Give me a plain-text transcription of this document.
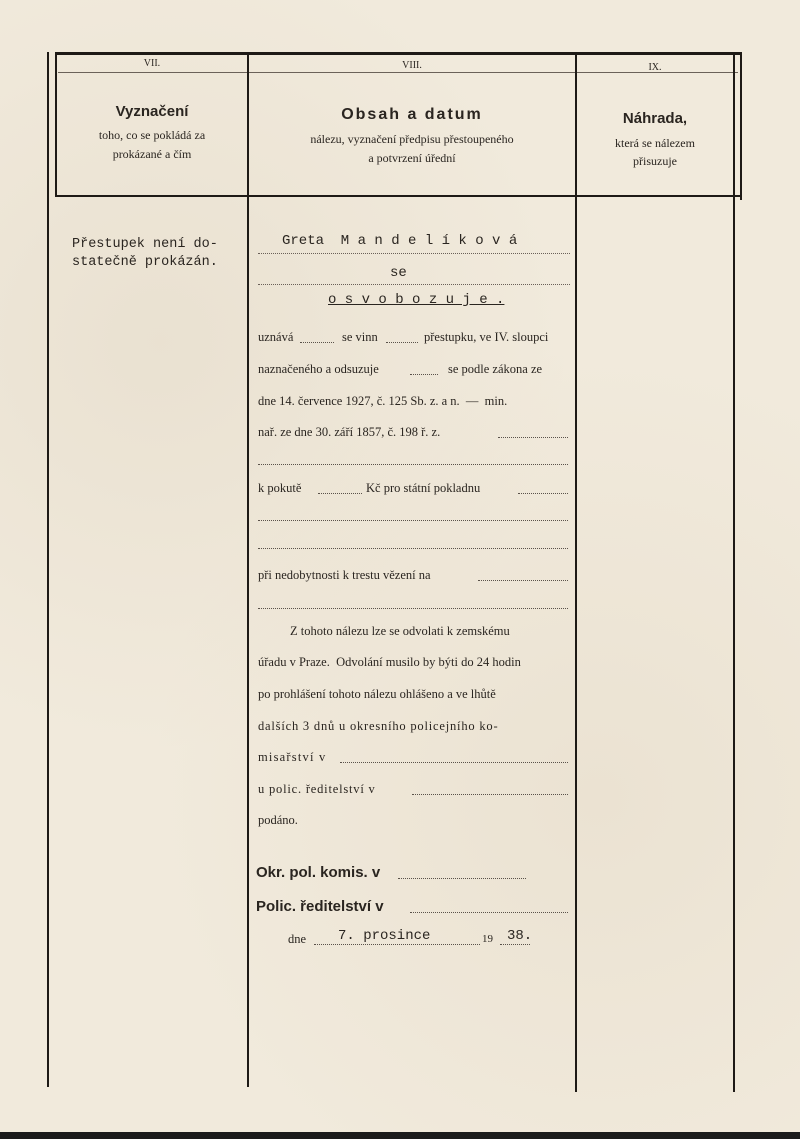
VII.
Vyznačení
toho, co se pokládá za
prokázané a čím
VIII.
Obsah a datum
nálezu, vyznačení předpisu přestoupeného
a potvrzení úřední
IX.
Náhrada,
která se nálezem
přisuzuje
Přestupek není do-
statečně prokázán.
Greta  M a n d e l í k o v á
se
o s v o b o z u j e .
uznává	se vinn	přestupku, ve IV. sloupci
naznačeného a odsuzuje	se podle zákona ze
dne 14. července 1927, č. 125 Sb. z. a n.  —  min.
nař. ze dne 30. září 1857, č. 198 ř. z.
k pokutě	Kč pro státní pokladnu
při nedobytnosti k trestu vězení na
Z tohoto nálezu lze se odvolati k zemskému
úřadu v Praze.  Odvolání musilo by býti do 24 hodin
po prohlášení tohoto nálezu ohlášeno a ve lhůtě
dalších 3 dnů u okresního policejního ko-
misařství v
u polic. ředitelství v
podáno.
Okr. pol. komis. v
Polic. ředitelství v
dne 7. prosince	19 38.
